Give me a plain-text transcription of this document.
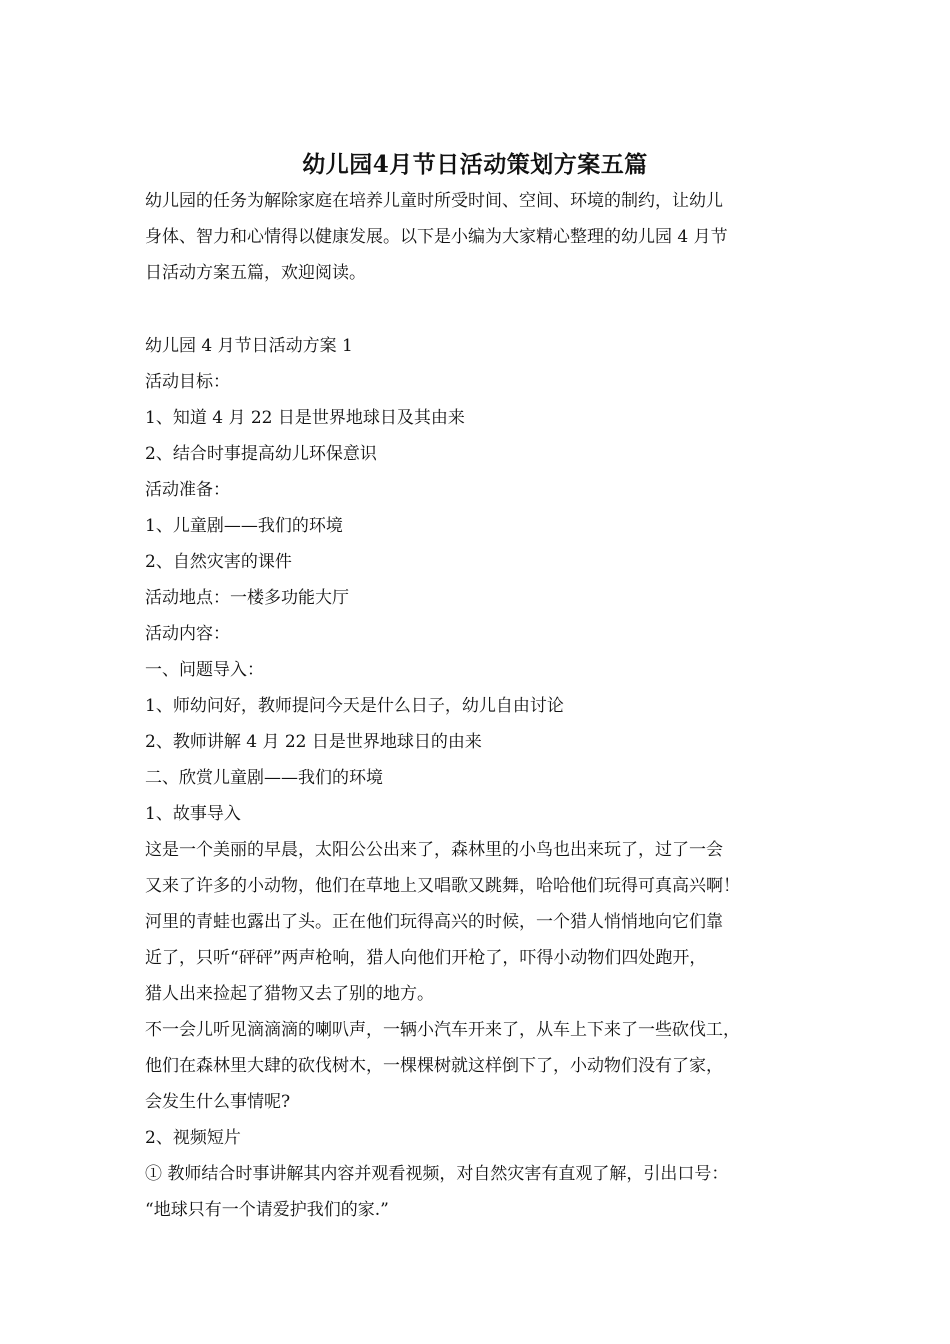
幼儿园4月节日活动策划方案五篇

幼儿园的任务为解除家庭在培养儿童时所受时间、空间、环境的制约，让幼儿

身体、智力和心情得以健康发展。以下是小编为大家精心整理的幼儿园 4 月节

日活动方案五篇，欢迎阅读。

幼儿园 4 月节日活动方案 1

活动目标：

1、知道 4 月 22 日是世界地球日及其由来

2、结合时事提高幼儿环保意识

活动准备：

1、儿童剧——我们的环境

2、自然灾害的课件

活动地点：一楼多功能大厅

活动内容：

一、问题导入：

1、师幼问好，教师提问今天是什么日子，幼儿自由讨论

2、教师讲解 4 月 22 日是世界地球日的由来

二、欣赏儿童剧——我们的环境

1、故事导入

这是一个美丽的早晨，太阳公公出来了，森林里的小鸟也出来玩了，过了一会

又来了许多的小动物，他们在草地上又唱歌又跳舞，哈哈他们玩得可真高兴啊！

河里的青蛙也露出了头。正在他们玩得高兴的时候，一个猎人悄悄地向它们靠

近了，只听“砰砰”两声枪响，猎人向他们开枪了，吓得小动物们四处跑开，

猎人出来捡起了猎物又去了别的地方。

不一会儿听见滴滴滴的喇叭声，一辆小汽车开来了，从车上下来了一些砍伐工，

他们在森林里大肆的砍伐树木，一棵棵树就这样倒下了，小动物们没有了家，

会发生什么事情呢?

2、视频短片

① 教师结合时事讲解其内容并观看视频，对自然灾害有直观了解，引出口号：

“地球只有一个请爱护我们的家.”
